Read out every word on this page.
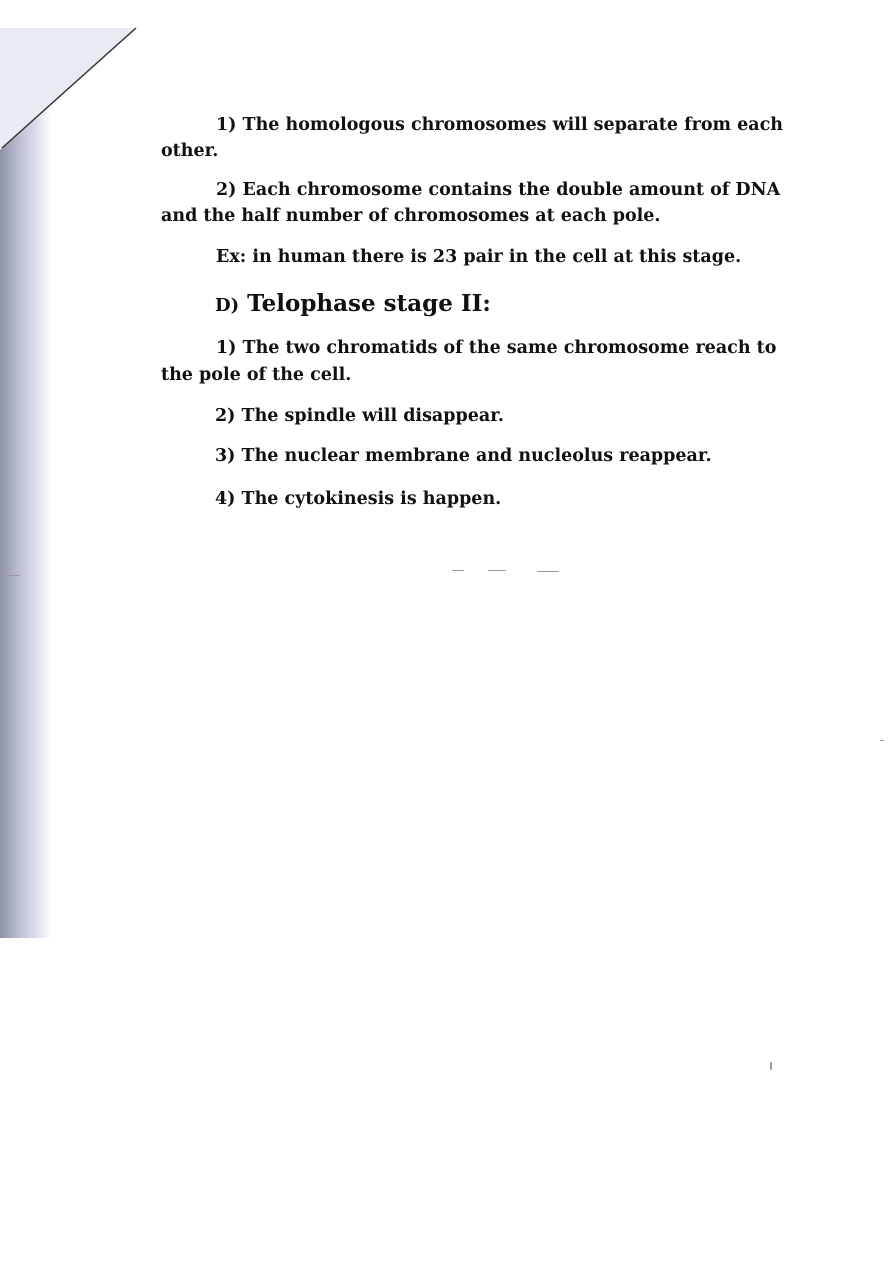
1) The homologous chromosomes will separate from each
other.
2) Each chromosome contains the double amount of DNA
and the half number of chromosomes at each pole.
Ex: in human there is 23 pair in the cell at this stage.
D) Telophase stage II:
1) The two chromatids of the same chromosome reach to
the pole of the cell.
2) The spindle will disappear.
3) The nuclear membrane and nucleolus reappear.
4) The cytokinesis is happen.
